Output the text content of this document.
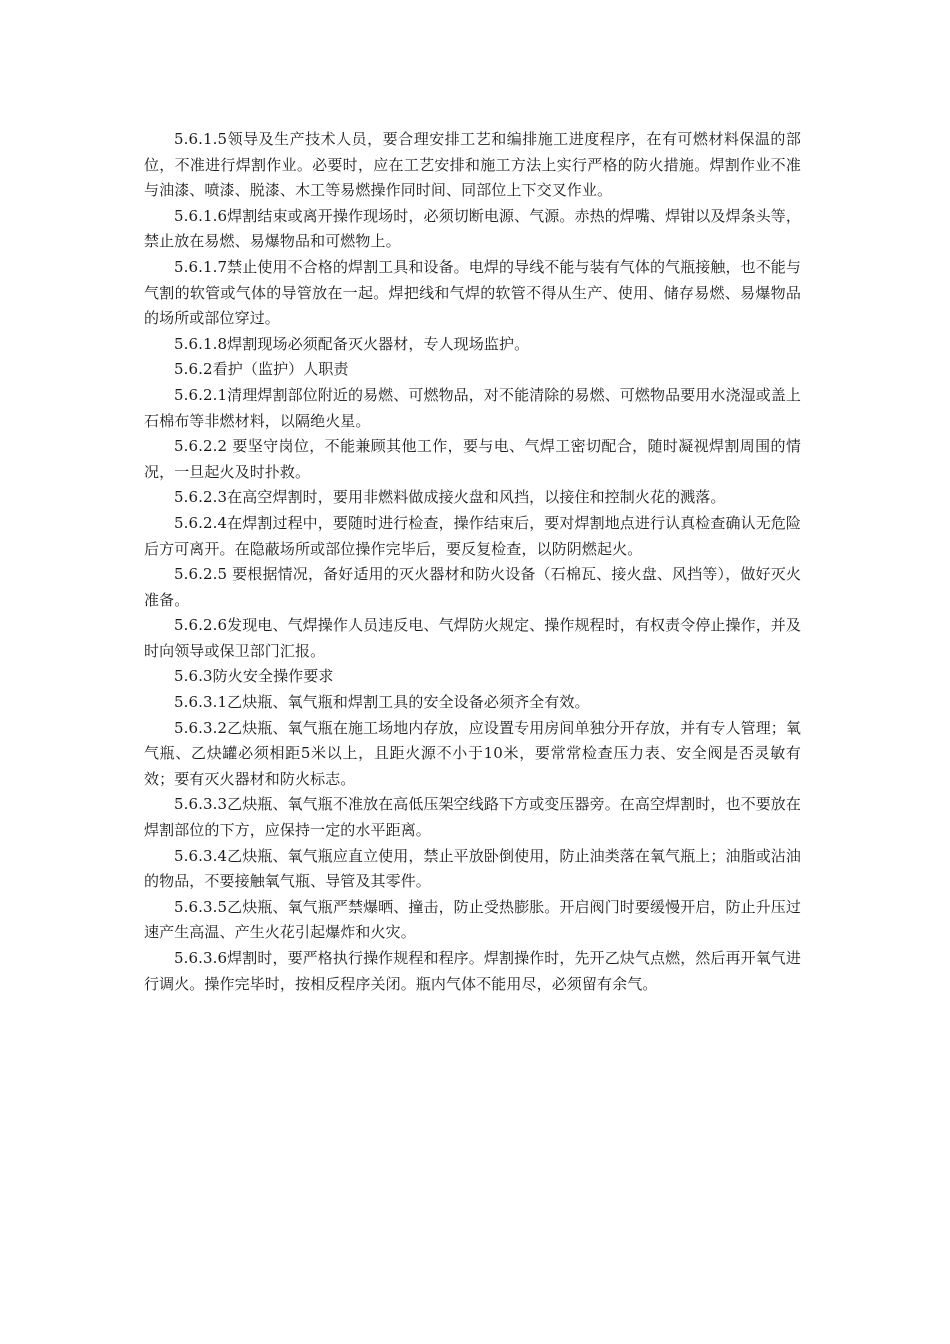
5.6.1.5领导及生产技术人员，要合理安排工艺和编排施工进度程序，在有可燃材料保温的部位，不准进行焊割作业。必要时，应在工艺安排和施工方法上实行严格的防火措施。焊割作业不准与油漆、喷漆、脱漆、木工等易燃操作同时间、同部位上下交叉作业。

5.6.1.6焊割结束或离开操作现场时，必须切断电源、气源。赤热的焊嘴、焊钳以及焊条头等，禁止放在易燃、易爆物品和可燃物上。

5.6.1.7禁止使用不合格的焊割工具和设备。电焊的导线不能与装有气体的气瓶接触，也不能与气割的软管或气体的导管放在一起。焊把线和气焊的软管不得从生产、使用、储存易燃、易爆物品的场所或部位穿过。

5.6.1.8焊割现场必须配备灭火器材，专人现场监护。

5.6.2看护（监护）人职责

5.6.2.1清理焊割部位附近的易燃、可燃物品，对不能清除的易燃、可燃物品要用水浇湿或盖上石棉布等非燃材料，以隔绝火星。

5.6.2.2 要坚守岗位，不能兼顾其他工作，要与电、气焊工密切配合，随时凝视焊割周围的情况，一旦起火及时扑救。

5.6.2.3在高空焊割时，要用非燃料做成接火盘和风挡，以接住和控制火花的溅落。

5.6.2.4在焊割过程中，要随时进行检查，操作结束后，要对焊割地点进行认真检查确认无危险后方可离开。在隐蔽场所或部位操作完毕后，要反复检查，以防阴燃起火。

5.6.2.5 要根据情况，备好适用的灭火器材和防火设备（石棉瓦、接火盘、风挡等），做好灭火准备。

5.6.2.6发现电、气焊操作人员违反电、气焊防火规定、操作规程时，有权责令停止操作，并及时向领导或保卫部门汇报。

5.6.3防火安全操作要求

5.6.3.1乙炔瓶、氧气瓶和焊割工具的安全设备必须齐全有效。

5.6.3.2乙炔瓶、氧气瓶在施工场地内存放，应设置专用房间单独分开存放，并有专人管理；氧气瓶、乙炔罐必须相距5米以上，且距火源不小于10米，要常常检查压力表、安全阀是否灵敏有效；要有灭火器材和防火标志。

5.6.3.3乙炔瓶、氧气瓶不准放在高低压架空线路下方或变压器旁。在高空焊割时，也不要放在焊割部位的下方，应保持一定的水平距离。

5.6.3.4乙炔瓶、氧气瓶应直立使用，禁止平放卧倒使用，防止油类落在氧气瓶上；油脂或沾油的物品，不要接触氧气瓶、导管及其零件。

5.6.3.5乙炔瓶、氧气瓶严禁爆晒、撞击，防止受热膨胀。开启阀门时要缓慢开启，防止升压过速产生高温、产生火花引起爆炸和火灾。

5.6.3.6焊割时，要严格执行操作规程和程序。焊割操作时，先开乙炔气点燃，然后再开氧气进行调火。操作完毕时，按相反程序关闭。瓶内气体不能用尽，必须留有余气。
